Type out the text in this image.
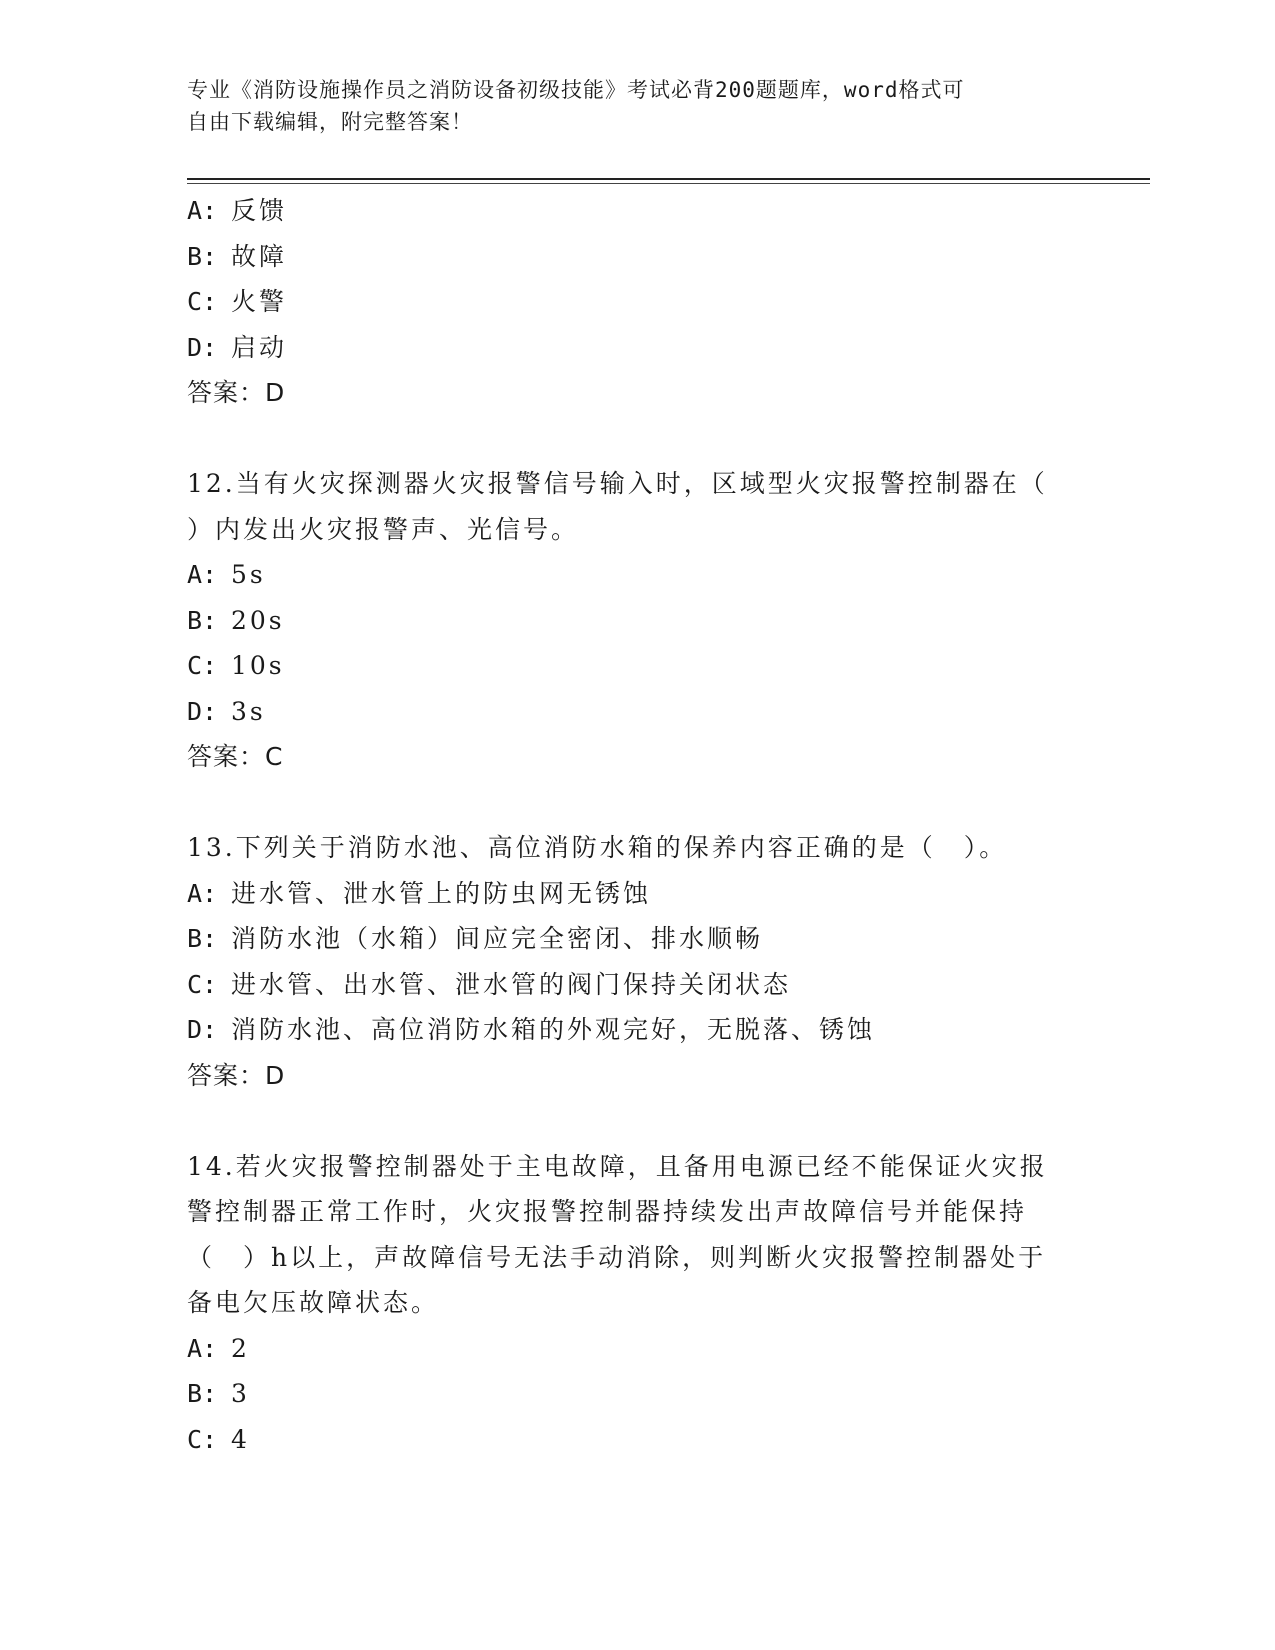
专业《消防设施操作员之消防设备初级技能》考试必背200题题库，word格式可
自由下载编辑，附完整答案！
A: 反馈
B: 故障
C: 火警
D: 启动
答案：D
12.当有火灾探测器火灾报警信号输入时，区域型火灾报警控制器在（
）内发出火灾报警声、光信号。
A: 5s
B: 20s
C: 10s
D: 3s
答案：C
13.下列关于消防水池、高位消防水箱的保养内容正确的是（　）。
A: 进水管、泄水管上的防虫网无锈蚀
B: 消防水池（水箱）间应完全密闭、排水顺畅
C: 进水管、出水管、泄水管的阀门保持关闭状态
D: 消防水池、高位消防水箱的外观完好，无脱落、锈蚀
答案：D
14.若火灾报警控制器处于主电故障，且备用电源已经不能保证火灾报
警控制器正常工作时，火灾报警控制器持续发出声故障信号并能保持
（　）h以上，声故障信号无法手动消除，则判断火灾报警控制器处于
备电欠压故障状态。
A: 2
B: 3
C: 4
